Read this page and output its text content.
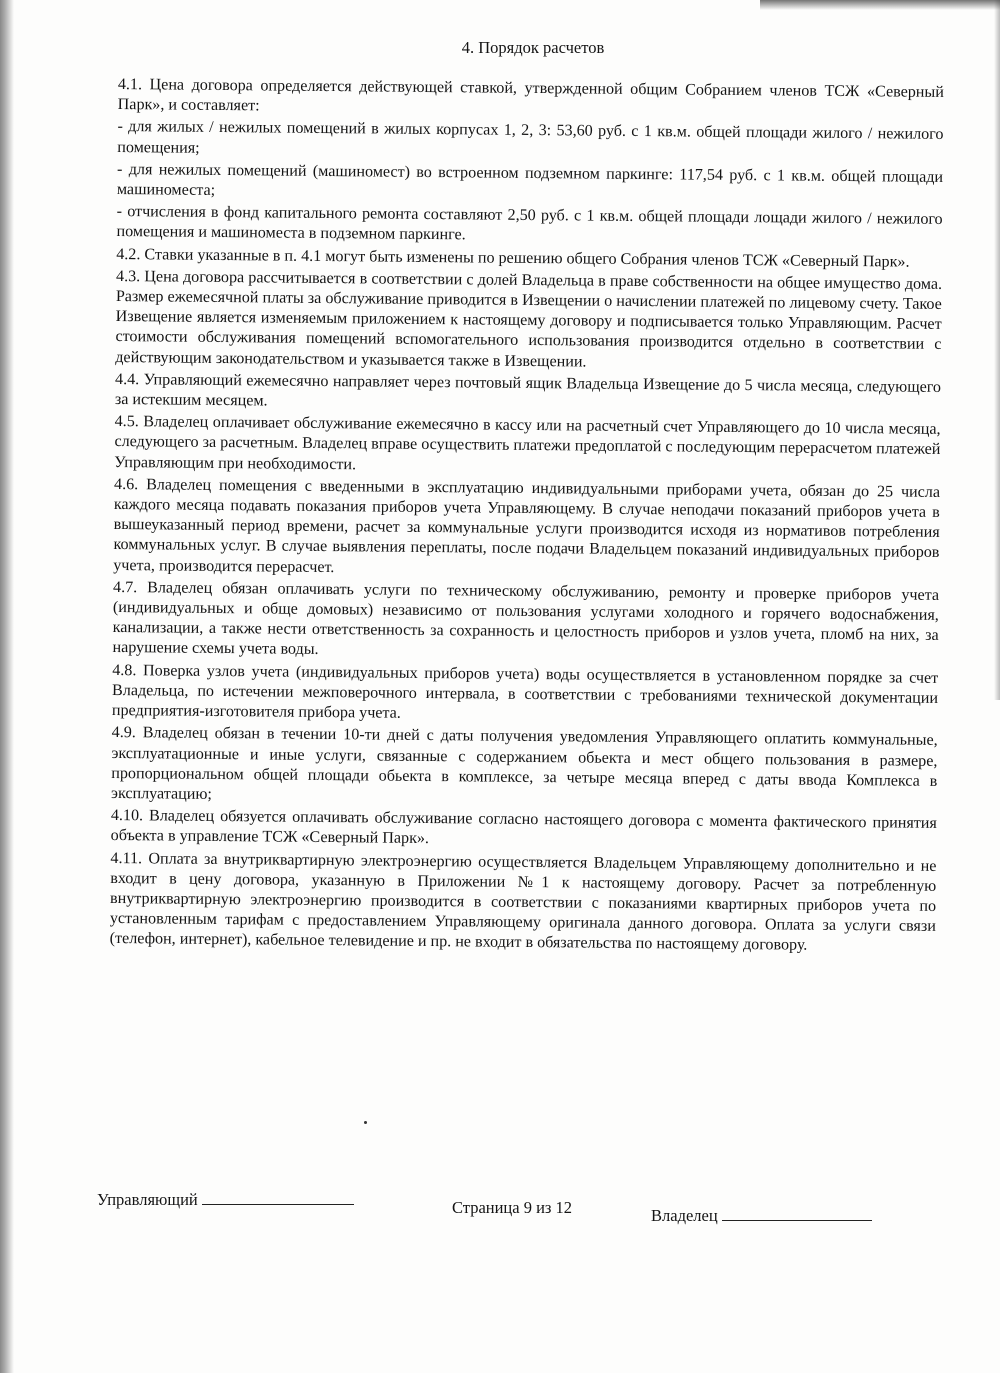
4. Порядок расчетов

4.1. Цена договора определяется действующей ставкой, утвержденной общим Собранием членов ТСЖ «Северный Парк», и составляет:

- для жилых / нежилых помещений в жилых корпусах 1, 2, 3: 53,60 руб. с 1 кв.м. общей площади жилого / нежилого помещения;

- для нежилых помещений (машиномест) во встроенном подземном паркинге: 117,54 руб. с 1 кв.м. общей площади машиноместа;

- отчисления в фонд капитального ремонта составляют 2,50 руб. с 1 кв.м. общей площади лощади жилого / нежилого помещения и машиноместа в подземном паркинге.

4.2. Ставки указанные в п. 4.1 могут быть изменены по решению общего Собрания членов ТСЖ «Северный Парк».

4.3. Цена договора рассчитывается в соответствии с долей Владельца в праве собственности на общее имущество дома. Размер ежемесячной платы за обслуживание приводится в Извещении о начислении платежей по лицевому счету. Такое Извещение является изменяемым приложением к настоящему договору и подписывается только Управляющим. Расчет стоимости обслуживания помещений вспомогательного использования производится отдельно в соответствии с действующим законодательством и указывается также в Извещении.

4.4. Управляющий ежемесячно направляет через почтовый ящик Владельца Извещение до 5 числа месяца, следующего за истекшим месяцем.

4.5. Владелец оплачивает обслуживание ежемесячно в кассу или на расчетный счет Управляющего до 10 числа месяца, следующего за расчетным. Владелец вправе осуществить платежи предоплатой с последующим перерасчетом платежей Управляющим при необходимости.

4.6. Владелец помещения с введенными в эксплуатацию индивидуальными приборами учета, обязан до 25 числа каждого месяца подавать показания приборов учета Управляющему. В случае неподачи показаний приборов учета в вышеуказанный период времени, расчет за коммунальные услуги производится исходя из нормативов потребления коммунальных услуг. В случае выявления переплаты, после подачи Владельцем показаний индивидуальных приборов учета, производится перерасчет.

4.7. Владелец обязан оплачивать услуги по техническому обслуживанию, ремонту и проверке приборов учета (индивидуальных и обще домовых) независимо от пользования услугами холодного и горячего водоснабжения, канализации, а также нести ответственность за сохранность и целостность приборов и узлов учета, пломб на них, за нарушение схемы учета воды.

4.8. Поверка узлов учета (индивидуальных приборов учета) воды осуществляется в установленном порядке за счет Владельца, по истечении межповерочного интервала, в соответствии с требованиями технической документации предприятия-изготовителя прибора учета.

4.9. Владелец обязан в течении 10-ти дней с даты получения уведомления Управляющего оплатить коммунальные, эксплуатационные и иные услуги, связанные с содержанием обьекта и мест общего пользования в размере, пропорциональном общей площади обьекта в комплексе, за четыре месяца вперед с даты ввода Комплекса в эксплуатацию;

4.10. Владелец обязуется оплачивать обслуживание согласно настоящего договора с момента фактического принятия объекта в управление ТСЖ «Северный Парк».

4.11. Оплата за внутриквартирную электроэнергию осуществляется Владельцем Управляющему дополнительно и не входит в цену договора, указанную в Приложении №1 к настоящему договору. Расчет за потребленную внутриквартирную электроэнергию производится в соответствии с показаниями квартирных приборов учета по установленным тарифам с предоставлением Управляющему оригинала данного договора. Оплата за услуги связи (телефон, интернет), кабельное телевидение и пр. не входит в обязательства по настоящему договору.

Управляющий	Страница 9 из 12	Владелец
